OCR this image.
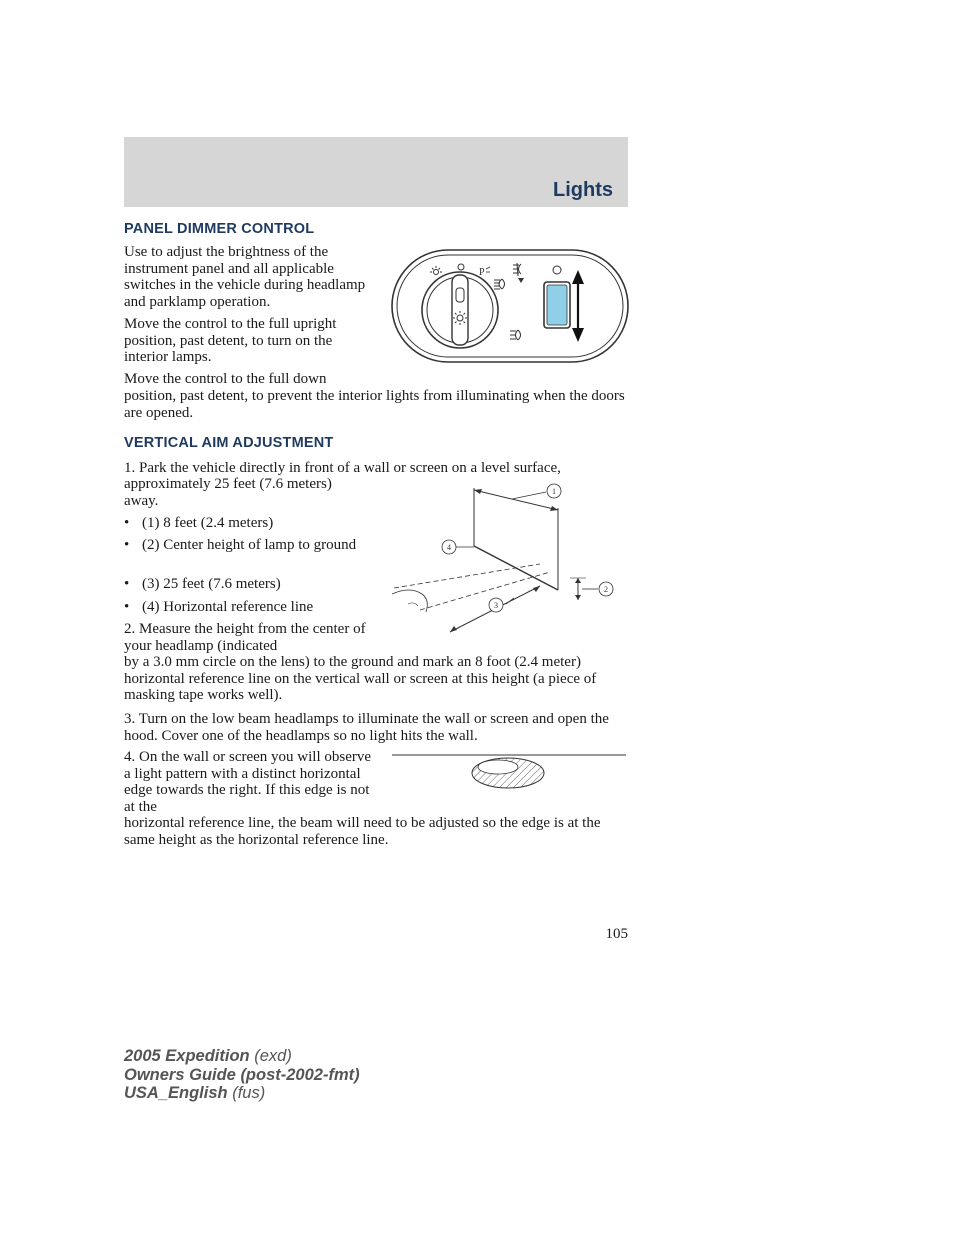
Lights
PANEL DIMMER CONTROL
Use to adjust the brightness of the instrument panel and all applicable switches in the vehicle during headlamp and parklamp operation.
Move the control to the full upright position, past detent, to turn on the interior lamps.
Move the control to the full down
position, past detent, to prevent the interior lights from illuminating when the doors are opened.
P
VERTICAL AIM ADJUSTMENT
1. Park the vehicle directly in front of a wall or screen on a level surface,
approximately 25 feet (7.6 meters) away.
• (1) 8 feet (2.4 meters)
• (2) Center height of lamp to ground
• (3) 25 feet (7.6 meters)
• (4) Horizontal reference line
2. Measure the height from the center of your headlamp (indicated
by a 3.0 mm circle on the lens) to the ground and mark an 8 foot (2.4 meter) horizontal reference line on the vertical wall or screen at this height (a piece of masking tape works well).
3. Turn on the low beam headlamps to illuminate the wall or screen and open the hood. Cover one of the headlamps so no light hits the wall.
4. On the wall or screen you will observe a light pattern with a distinct horizontal edge towards the right. If this edge is not at the
horizontal reference line, the beam will need to be adjusted so the edge is at the same height as the horizontal reference line.
1
4
3
2
105
2005 Expedition (exd)
Owners Guide (post-2002-fmt)
USA_English (fus)
